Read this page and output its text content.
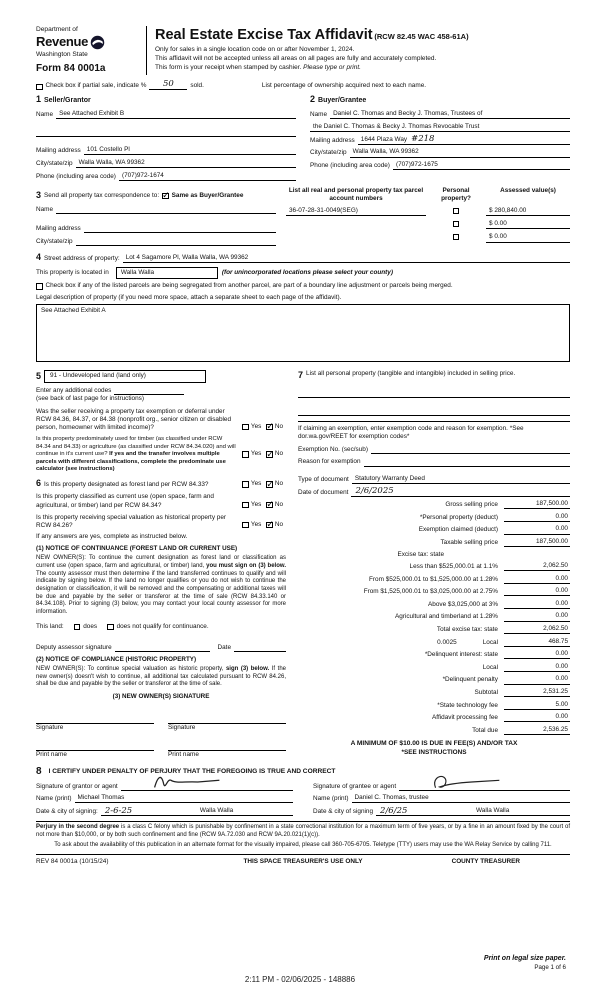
Department of
Revenue
Washington State
Form 84 0001a
Real Estate Excise Tax Affidavit (RCW 82.45 WAC 458-61A)
Only for sales in a single location code on or after November 1, 2024.
This affidavit will not be accepted unless all areas on all pages are fully and accurately completed.
This form is your receipt when stamped by cashier. Please type or print.
Check box if partial sale, indicate %	50	sold.	List percentage of ownership acquired next to each name.
1 Seller/Grantor
Name See Attached Exhibit B
Mailing address 101 Costello Pl
City/state/zip Walla Walla, WA 99362
Phone (including area code) (707)972-1674
2 Buyer/Grantee
Name Daniel C. Thomas and Becky J. Thomas, Trustees of
the Daniel C. Thomas & Becky J. Thomas Revocable Trust
Mailing address 1644 Plaza Way #218
City/state/zip Walla Walla, WA 99362
Phone (including area code) (707)972-1675
3 Send all property tax correspondence to: ✓ Same as Buyer/Grantee
Name
Mailing address
City/state/zip
List all real and personal property tax parcel account numbers
Personal property?
Assessed value(s)
36-07-28-31-0049(SEG)	$ 280,840.00
$ 0.00
$ 0.00
4 Street address of property: Lot 4 Sagamore Pl, Walla Walla, WA 99362
This property is located in	Walla Walla	(for unincorporated locations please select your county)
Check box if any of the listed parcels are being segregated from another parcel, are part of a boundary line adjustment or parcels being merged.
Legal description of property (if you need more space, attach a separate sheet to each page of the affidavit).
See Attached Exhibit A
5	91 - Undeveloped land (land only)
Enter any additional codes
(see back of last page for instructions)
Was the seller receiving a property tax exemption or deferral under RCW 84.36, 84.37, or 84.38 (nonprofit org., senior citizen or disabled person, homeowner with limited income)?	Yes ✓ No
Is this property predominately used for timber (as classified under RCW 84.34 and 84.33) or agriculture (as classified under RCW 84.34.020) and will continue in it's current use? If yes and the transfer involves multiple parcels with different classifications, complete the predominate use calculator (see instructions)
Yes ✓ No
6 Is this property designated as forest land per RCW 84.33?	Yes ✓ No
Is this property classified as current use (open space, farm and agricultural, or timber) land per RCW 84.34?	Yes ✓ No
Is this property receiving special valuation as historical property per RCW 84.26?	Yes ✓ No
If any answers are yes, complete as instructed below.
(1) NOTICE OF CONTINUANCE (FOREST LAND OR CURRENT USE)
NEW OWNER(S): To continue the current designation as forest land or classification as current use (open space, farm and agricultural, or timber) land, you must sign on (3) below. The county assessor must then determine if the land transferred continues to qualify and will indicate by signing below. If the land no longer qualifies or you do not wish to continue the designation or classification, it will be removed and the compensating or additional taxes will be due and payable by the seller or transferor at the time of sale (RCW 84.33.140 or 84.34.108). Prior to signing (3) below, you may contact your local county assessor for more information.
This land:	does	does not qualify for continuance.
Deputy assessor signature	Date
(2) NOTICE OF COMPLIANCE (HISTORIC PROPERTY)
NEW OWNER(S): To continue special valuation as historic property, sign (3) below. If the new owner(s) doesn't wish to continue, all additional tax calculated pursuant to RCW 84.26, shall be due and payable by the seller or transferor at the time of sale.
(3) NEW OWNER(S) SIGNATURE
Signature	Signature
Print name	Print name
7 List all personal property (tangible and intangible) included in selling price.
If claiming an exemption, enter exemption code and reason for exemption. *See dor.wa.gov/REET for exemption codes*
Exemption No. (sec/sub)
Reason for exemption
Type of document Statutory Warranty Deed
Date of document 2/6/2025
Gross selling price	187,500.00
*Personal property (deduct)	0.00
Exemption claimed (deduct)	0.00
Taxable selling price	187,500.00
Excise tax: state
Less than $525,000.01 at 1.1%	2,062.50
From $525,000.01 to $1,525,000.00 at 1.28%	0.00
From $1,525,000.01 to $3,025,000.00 at 2.75%	0.00
Above $3,025,000 at 3%	0.00
Agricultural and timberland at 1.28%	0.00
Total excise tax: state	2,062.50
0.0025	Local	468.75
*Delinquent interest: state	0.00
Local	0.00
*Delinquent penalty	0.00
Subtotal	2,531.25
*State technology fee	5.00
Affidavit processing fee	0.00
Total due	2,536.25
A MINIMUM OF $10.00 IS DUE IN FEE(S) AND/OR TAX
*SEE INSTRUCTIONS
8 I CERTIFY UNDER PENALTY OF PERJURY THAT THE FOREGOING IS TRUE AND CORRECT
Signature of grantor or agent
Name (print) Michael Thomas
Date & city of signing: 2-6-25	Walla Walla
Signature of grantee or agent
Name (print) Daniel C. Thomas, trustee
Date & city of signing 2/6/25	Walla Walla
Perjury in the second degree is a class C felony which is punishable by confinement in a state correctional institution for a maximum term of five years, or by a fine in an amount fixed by the court of not more than $10,000, or by both such confinement and fine (RCW 9A.72.030 and RCW 9A.20.021(1)(c)).
To ask about the availability of this publication in an alternate format for the visually impaired, please call 360-705-6705. Teletype (TTY) users may use the WA Relay Service by calling 711.
REV 84 0001a (10/15/24)	THIS SPACE TREASURER'S USE ONLY	COUNTY TREASURER
Print on legal size paper.
Page 1 of 6
2:11 PM - 02/06/2025 - 148886
